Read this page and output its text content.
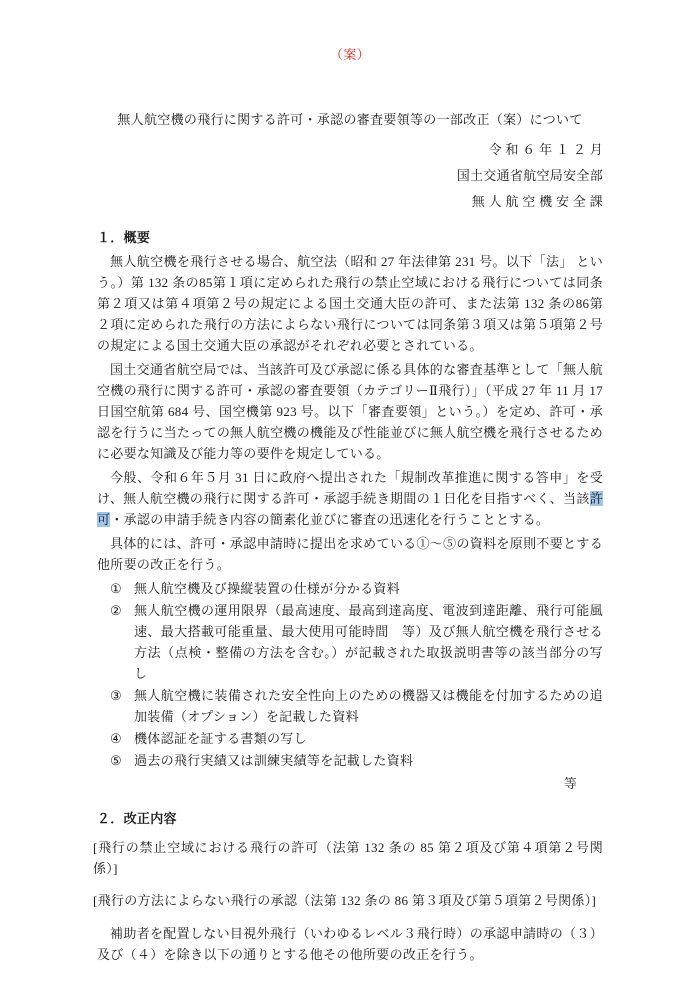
（案）
無人航空機の飛行に関する許可・承認の審査要領等の一部改正（案）について
令 和 ６ 年 １ ２ 月
国土交通省航空局安全部
無 人 航 空 機 安 全 課
１．概要

無人航空機を飛行させる場合、航空法（昭和 27 年法律第 231 号。以下「法」 という。）第 132 条の85第１項に定められた飛行の禁止空域における飛行については同条第２項又は第４項第２号の規定による国土交通大臣の許可、また法第 132 条の86第２項に定められた飛行の方法によらない飛行については同条第３項又は第５項第２号の規定による国土交通大臣の承認がそれぞれ必要とされている。

国土交通省航空局では、当該許可及び承認に係る具体的な審査基準として「無人航空機の飛行に関する許可・承認の審査要領（カテゴリーⅡ飛行）」（平成 27 年 11 月 17 日国空航第 684 号、国空機第 923 号。以下「審査要領」という。）を定め、許可・承認を行うに当たっての無人航空機の機能及び性能並びに無人航空機を飛行させるために必要な知識及び能力等の要件を規定している。

今般、令和６年５月 31 日に政府へ提出された「規制改革推進に関する答申」を受け、無人航空機の飛行に関する許可・承認手続き期間の１日化を目指すべく、当該許可・承認の申請手続き内容の簡素化並びに審査の迅速化を行うこととする。

具体的には、許可・承認申請時に提出を求めている①～⑤の資料を原則不要とする他所要の改正を行う。

① 無人航空機及び操縦装置の仕様が分かる資料
② 無人航空機の運用限界（最高速度、最高到達高度、電波到達距離、飛行可能風速、最大搭載可能重量、最大使用可能時間　等）及び無人航空機を飛行させる方法（点検・整備の方法を含む。）が記載された取扱説明書等の該当部分の写し
③ 無人航空機に装備された安全性向上のための機器又は機能を付加するための追加装備（オプション）を記載した資料
④ 機体認証を証する書類の写し
⑤ 過去の飛行実績又は訓練実績等を記載した資料
等
２．改正内容

[飛行の禁止空域における飛行の許可（法第 132 条の 85 第２項及び第４項第２号関係）]

[飛行の方法によらない飛行の承認（法第 132 条の 86 第３項及び第５項第２号関係）]

補助者を配置しない目視外飛行（いわゆるレベル３飛行時）の承認申請時の（３）及び（４）を除き以下の通りとする他その他所要の改正を行う。
